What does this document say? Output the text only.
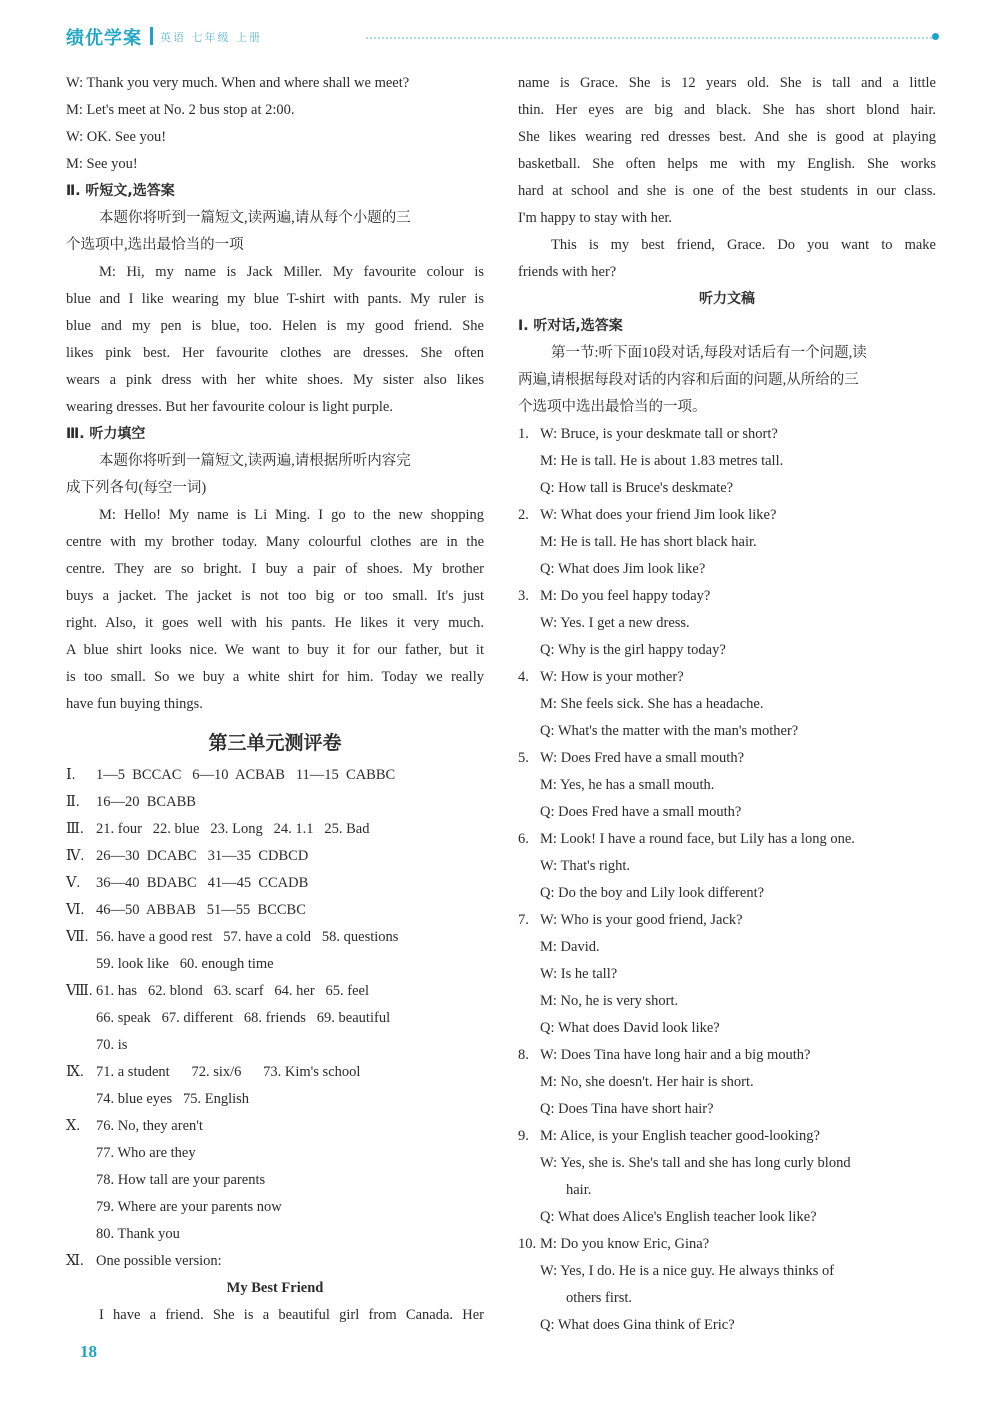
绩优学案 英语 七年级 上册
W: Thank you very much. When and where shall we meet?
M: Let's meet at No. 2 bus stop at 2:00.
W: OK. See you!
M: See you!
Ⅱ. 听短文,选答案
本题你将听到一篇短文,读两遍,请从每个小题的三
个选项中,选出最恰当的一项
M: Hi, my name is Jack Miller. My favourite colour is
blue and I like wearing my blue T-shirt with pants. My ruler is
blue and my pen is blue, too. Helen is my good friend. She
likes pink best. Her favourite clothes are dresses. She often
wears a pink dress with her white shoes. My sister also likes
wearing dresses. But her favourite colour is light purple.
Ⅲ. 听力填空
本题你将听到一篇短文,读两遍,请根据所听内容完
成下列各句(每空一词)
M: Hello! My name is Li Ming. I go to the new shopping
centre with my brother today. Many colourful clothes are in the
centre. They are so bright. I buy a pair of shoes. My brother
buys a jacket. The jacket is not too big or too small. It's just
right. Also, it goes well with his pants. He likes it very much.
A blue shirt looks nice. We want to buy it for our father, but it
is too small. So we buy a white shirt for him. Today we really
have fun buying things.
第三单元测评卷
Ⅰ. 1—5  BCCAC   6—10  ACBAB   11—15  CABBC
Ⅱ. 16—20  BCABB
Ⅲ. 21. four   22. blue   23. Long   24. 1.1   25. Bad
Ⅳ. 26—30  DCABC   31—35  CDBCD
Ⅴ. 36—40  BDABC   41—45  CCADB
Ⅵ. 46—50  ABBAB   51—55  BCCBC
Ⅶ. 56. have a good rest   57. have a cold   58. questions
59. look like   60. enough time
Ⅷ. 61. has   62. blond   63. scarf   64. her   65. feel
66. speak   67. different   68. friends   69. beautiful
70. is
Ⅸ. 71. a student      72. six/6      73. Kim's school
74. blue eyes   75. English
Ⅹ. 76. No, they aren't
77. Who are they
78. How tall are your parents
79. Where are your parents now
80. Thank you
Ⅺ. One possible version:
My Best Friend
I have a friend. She is a beautiful girl from Canada. Her
name is Grace. She is 12 years old. She is tall and a little
thin. Her eyes are big and black. She has short blond hair.
She likes wearing red dresses best. And she is good at playing
basketball. She often helps me with my English. She works
hard at school and she is one of the best students in our class.
I'm happy to stay with her.
This is my best friend, Grace. Do you want to make
friends with her?
听力文稿
Ⅰ. 听对话,选答案
第一节:听下面10段对话,每段对话后有一个问题,读
两遍,请根据每段对话的内容和后面的问题,从所给的三
个选项中选出最恰当的一项。
1. W: Bruce, is your deskmate tall or short?
M: He is tall. He is about 1.83 metres tall.
Q: How tall is Bruce's deskmate?
2. W: What does your friend Jim look like?
M: He is tall. He has short black hair.
Q: What does Jim look like?
3. M: Do you feel happy today?
W: Yes. I get a new dress.
Q: Why is the girl happy today?
4. W: How is your mother?
M: She feels sick. She has a headache.
Q: What's the matter with the man's mother?
5. W: Does Fred have a small mouth?
M: Yes, he has a small mouth.
Q: Does Fred have a small mouth?
6. M: Look! I have a round face, but Lily has a long one.
W: That's right.
Q: Do the boy and Lily look different?
7. W: Who is your good friend, Jack?
M: David.
W: Is he tall?
M: No, he is very short.
Q: What does David look like?
8. W: Does Tina have long hair and a big mouth?
M: No, she doesn't. Her hair is short.
Q: Does Tina have short hair?
9. M: Alice, is your English teacher good-looking?
W: Yes, she is. She's tall and she has long curly blond
hair.
Q: What does Alice's English teacher look like?
10. M: Do you know Eric, Gina?
W: Yes, I do. He is a nice guy. He always thinks of
others first.
Q: What does Gina think of Eric?
18
